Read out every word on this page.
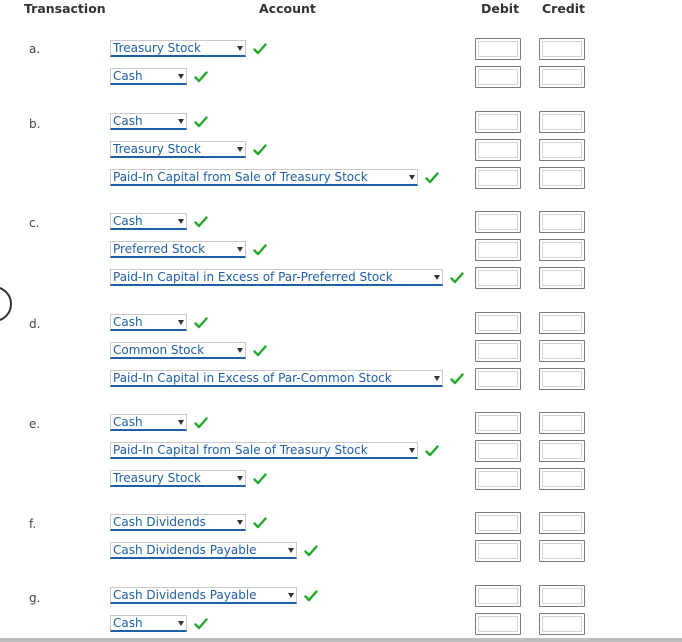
Transaction	Account	Debit Credit
a.	Treasury Stock
Cash
b.	Cash
Treasury Stock
Paid-In Capital from Sale of Treasury Stock
c.	Cash
Preferred Stock
Paid-In Capital in Excess of Par-Preferred Stock
d.	Cash
Common Stock
Paid-In Capital in Excess of Par-Common Stock
e.	Cash
Paid-In Capital from Sale of Treasury Stock
Treasury Stock
f.	Cash Dividends
Cash Dividends Payable
g.	Cash Dividends Payable
Cash
